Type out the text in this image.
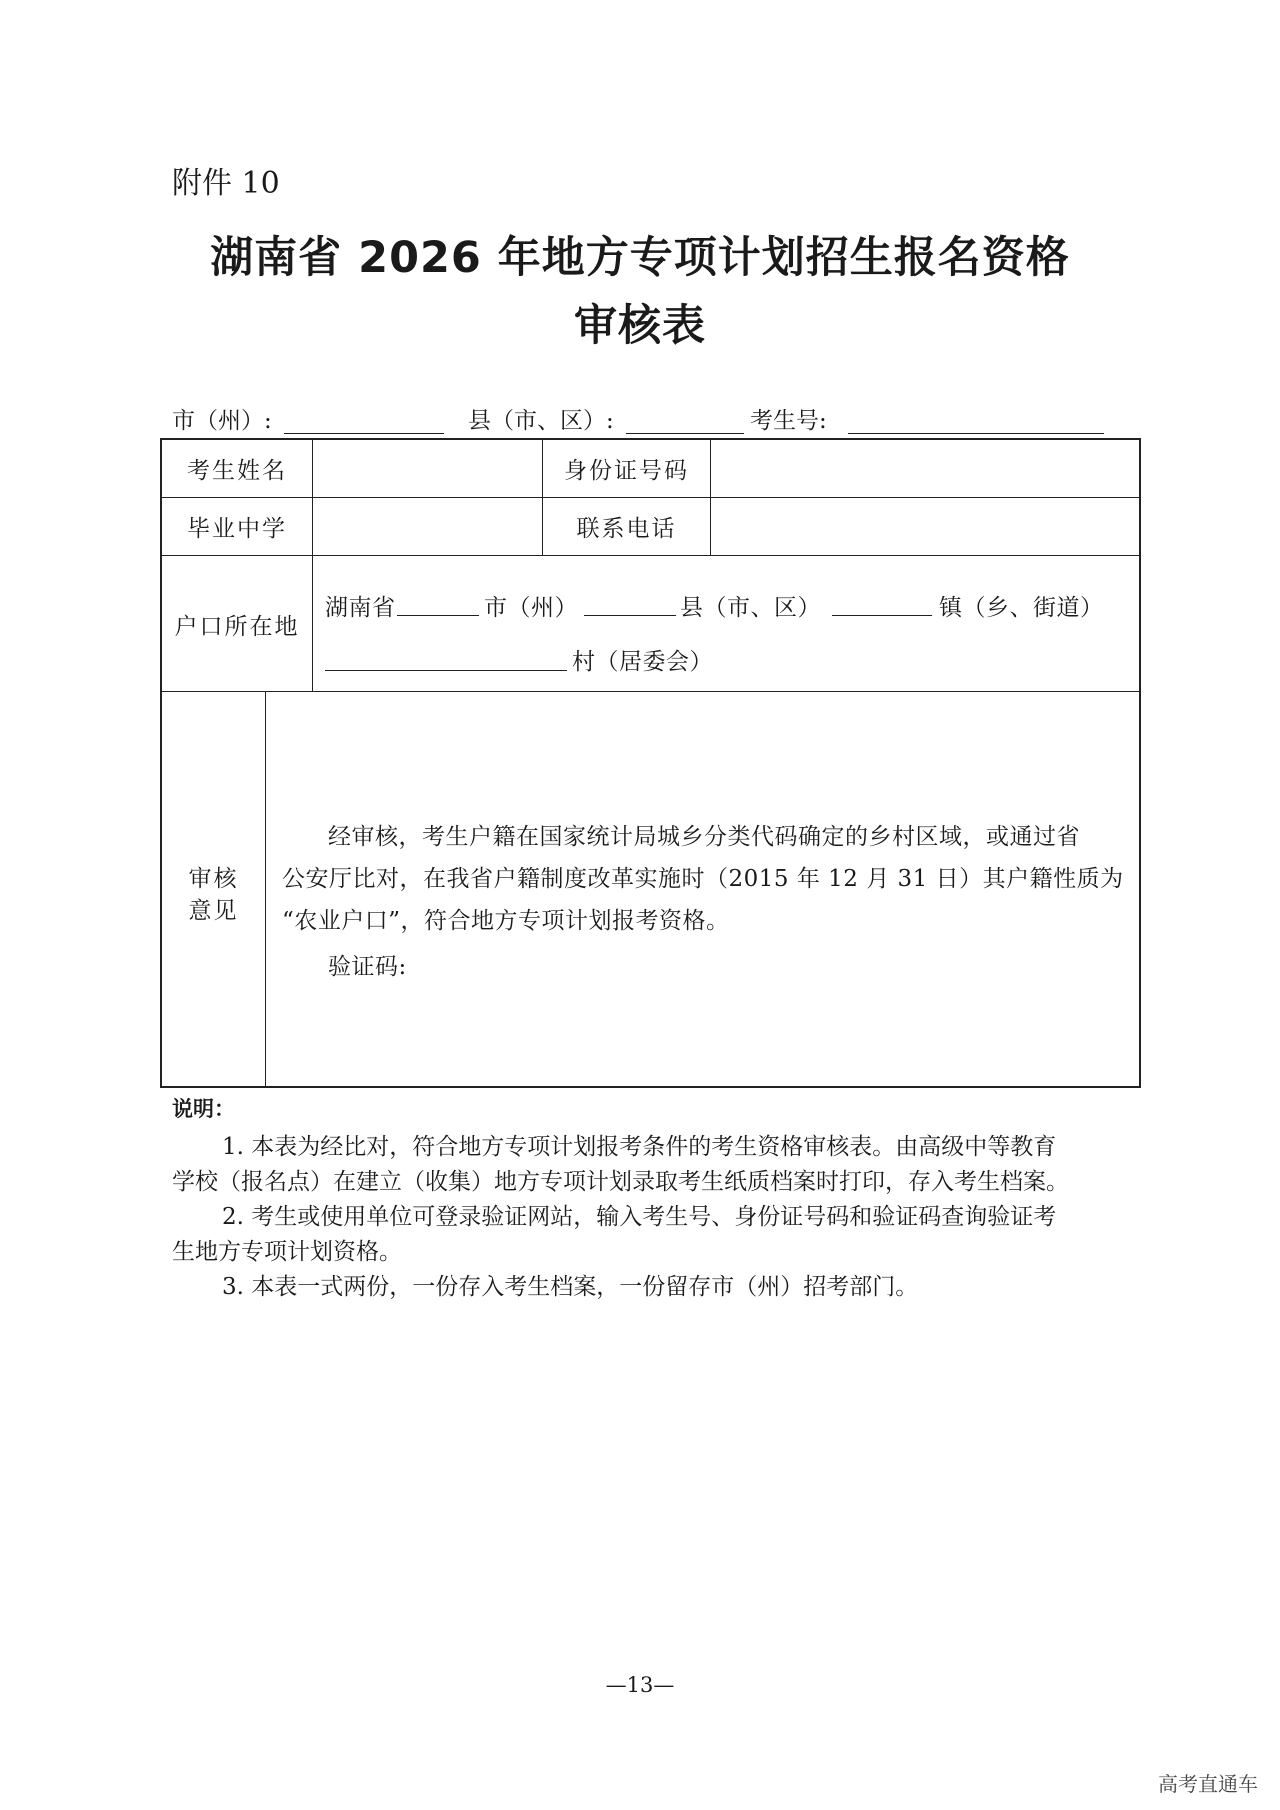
附件 10
湖南省 2026 年地方专项计划招生报名资格
审核表
市（州）:	县（市、区）:	考生号:
考生姓名	身份证号码
毕业中学	联系电话
户口所在地
湖南省	市（州）	县（市、区）	镇（乡、街道）
村（居委会）
审核
意见
经审核，考生户籍在国家统计局城乡分类代码确定的乡村区域，或通过省
公安厅比对，在我省户籍制度改革实施时（2015 年 12 月 31 日）其户籍性质为
“农业户口”，符合地方专项计划报考资格。
验证码:
说明：
1. 本表为经比对，符合地方专项计划报考条件的考生资格审核表。由高级中等教育
学校（报名点）在建立（收集）地方专项计划录取考生纸质档案时打印，存入考生档案。
2. 考生或使用单位可登录验证网站，输入考生号、身份证号码和验证码查询验证考
生地方专项计划资格。
3. 本表一式两份，一份存入考生档案，一份留存市（州）招考部门。
—13—
高考直通车
